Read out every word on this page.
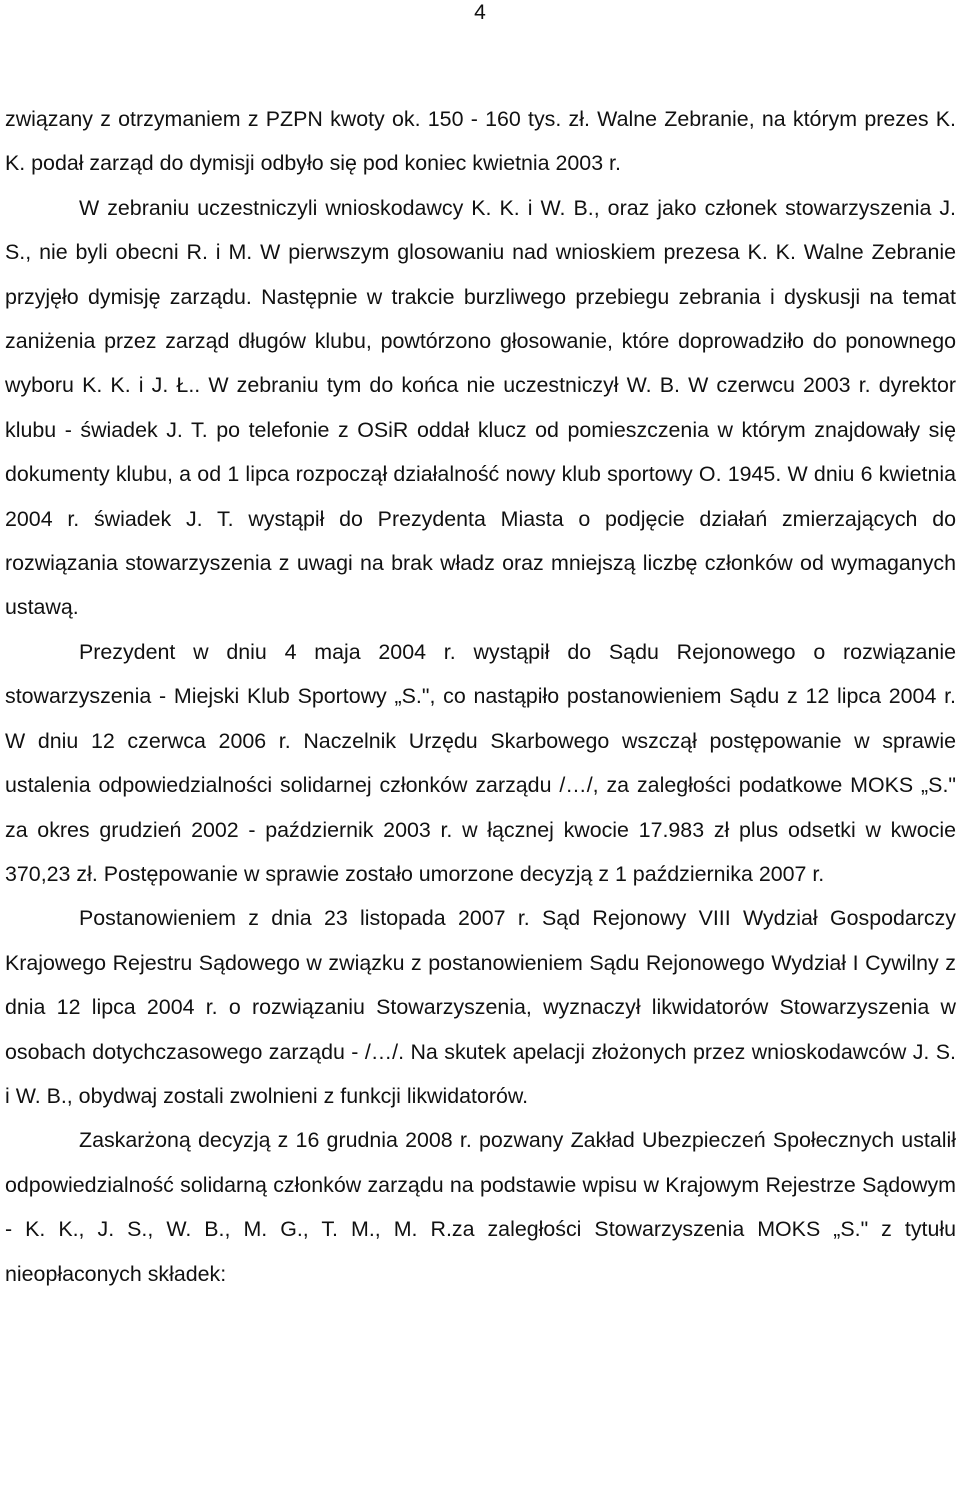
4

związany z otrzymaniem z PZPN kwoty ok. 150 - 160 tys. zł. Walne Zebranie, na którym prezes K. K. podał zarząd do dymisji odbyło się pod koniec kwietnia 2003 r.

W zebraniu uczestniczyli wnioskodawcy K. K. i W. B., oraz jako członek stowarzyszenia J. S., nie byli obecni R. i M. W pierwszym glosowaniu nad wnioskiem prezesa K. K. Walne Zebranie przyjęło dymisję zarządu. Następnie w trakcie burzliwego przebiegu zebrania i dyskusji na temat zaniżenia przez zarząd długów klubu, powtórzono głosowanie, które doprowadziło do ponownego wyboru K. K. i J. Ł.. W zebraniu tym do końca nie uczestniczył W. B. W czerwcu 2003 r. dyrektor klubu - świadek J. T. po telefonie z OSiR oddał klucz od pomieszczenia w którym znajdowały się dokumenty klubu, a od 1 lipca rozpoczął działalność nowy klub sportowy O. 1945. W dniu 6 kwietnia 2004 r. świadek J. T. wystąpił do Prezydenta Miasta o podjęcie działań zmierzających do rozwiązania stowarzyszenia z uwagi na brak władz oraz mniejszą liczbę członków od wymaganych ustawą.

Prezydent w dniu 4 maja 2004 r. wystąpił do Sądu Rejonowego o rozwiązanie stowarzyszenia - Miejski Klub Sportowy „S.", co nastąpiło postanowieniem Sądu z 12 lipca 2004 r. W dniu 12 czerwca 2006 r. Naczelnik Urzędu Skarbowego wszczął postępowanie w sprawie ustalenia odpowiedzialności solidarnej członków zarządu /…/, za zaległości podatkowe MOKS „S." za okres grudzień 2002 - październik 2003 r. w łącznej kwocie 17.983 zł plus odsetki w kwocie 370,23 zł. Postępowanie w sprawie zostało umorzone decyzją z 1 października 2007 r.

Postanowieniem z dnia 23 listopada 2007 r. Sąd Rejonowy VIII Wydział Gospodarczy Krajowego Rejestru Sądowego w związku z postanowieniem Sądu Rejonowego Wydział I Cywilny z dnia 12 lipca 2004 r. o rozwiązaniu Stowarzyszenia, wyznaczył likwidatorów Stowarzyszenia w osobach dotychczasowego zarządu - /…/. Na skutek apelacji złożonych przez wnioskodawców J. S. i W. B., obydwaj zostali zwolnieni z funkcji likwidatorów.

Zaskarżoną decyzją z 16 grudnia 2008 r. pozwany Zakład Ubezpieczeń Społecznych ustalił odpowiedzialność solidarną członków zarządu na podstawie wpisu w Krajowym Rejestrze Sądowym - K. K., J. S., W. B., M. G., T. M., M. R.za zaległości Stowarzyszenia MOKS „S." z tytułu nieopłaconych składek:
